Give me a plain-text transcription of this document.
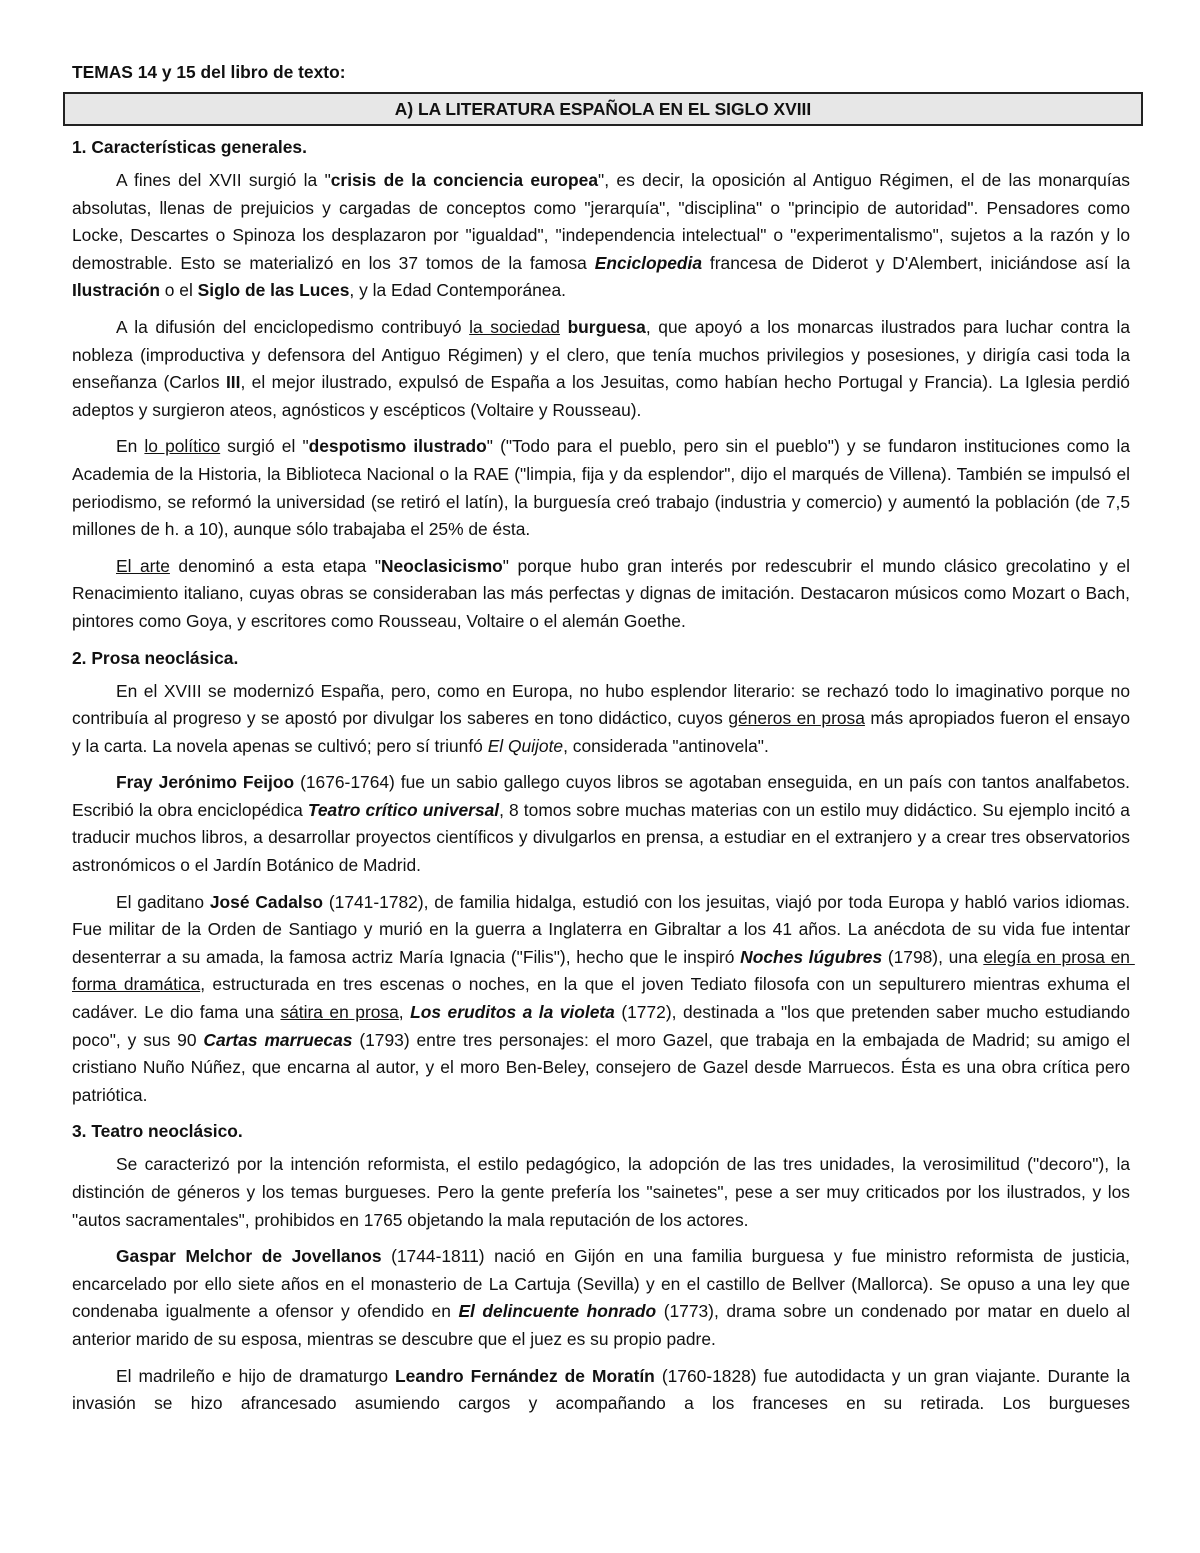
TEMAS 14 y 15 del libro de texto:
A) LA LITERATURA ESPAÑOLA EN EL SIGLO XVIII
1. Características generales.

A fines del XVII surgió la "crisis de la conciencia europea", es decir, la oposición al Antiguo Régimen, el de las monarquías absolutas, llenas de prejuicios y cargadas de conceptos como "jerarquía", "disciplina" o "principio de autoridad". Pensadores como Locke, Descartes o Spinoza los desplazaron por "igualdad", "independencia intelectual" o "experimentalismo", sujetos a la razón y lo demostrable. Esto se materializó en los 37 tomos de la famosa Enciclopedia francesa de Diderot y D'Alembert, iniciándose así la Ilustración o el Siglo de las Luces, y la Edad Contemporánea.

A la difusión del enciclopedismo contribuyó la sociedad burguesa, que apoyó a los monarcas ilustrados para luchar contra la nobleza (improductiva y defensora del Antiguo Régimen) y el clero, que tenía muchos privilegios y posesiones, y dirigía casi toda la enseñanza (Carlos III, el mejor ilustrado, expulsó de España a los Jesuitas, como habían hecho Portugal y Francia). La Iglesia perdió adeptos y surgieron ateos, agnósticos y escépticos (Voltaire y Rousseau).

En lo político surgió el "despotismo ilustrado" ("Todo para el pueblo, pero sin el pueblo") y se fundaron instituciones como la Academia de la Historia, la Biblioteca Nacional o la RAE ("limpia, fija y da esplendor", dijo el marqués de Villena). También se impulsó el periodismo, se reformó la universidad (se retiró el latín), la burguesía creó trabajo (industria y comercio) y aumentó la población (de 7,5 millones de h. a 10), aunque sólo trabajaba el 25% de ésta.

El arte denominó a esta etapa "Neoclasicismo" porque hubo gran interés por redescubrir el mundo clásico grecolatino y el Renacimiento italiano, cuyas obras se consideraban las más perfectas y dignas de imitación. Destacaron músicos como Mozart o Bach, pintores como Goya, y escritores como Rousseau, Voltaire o el alemán Goethe.

2. Prosa neoclásica.

En el XVIII se modernizó España, pero, como en Europa, no hubo esplendor literario: se rechazó todo lo imaginativo porque no contribuía al progreso y se apostó por divulgar los saberes en tono didáctico, cuyos géneros en prosa más apropiados fueron el ensayo y la carta. La novela apenas se cultivó; pero sí triunfó El Quijote, considerada "antinovela".

Fray Jerónimo Feijoo (1676-1764) fue un sabio gallego cuyos libros se agotaban enseguida, en un país con tantos analfabetos. Escribió la obra enciclopédica Teatro crítico universal, 8 tomos sobre muchas materias con un estilo muy didáctico. Su ejemplo incitó a traducir muchos libros, a desarrollar proyectos científicos y divulgarlos en prensa, a estudiar en el extranjero y a crear tres observatorios astronómicos o el Jardín Botánico de Madrid.

El gaditano José Cadalso (1741-1782), de familia hidalga, estudió con los jesuitas, viajó por toda Europa y habló varios idiomas. Fue militar de la Orden de Santiago y murió en la guerra a Inglaterra en Gibraltar a los 41 años. La anécdota de su vida fue intentar desenterrar a su amada, la famosa actriz María Ignacia ("Filis"), hecho que le inspiró Noches lúgubres (1798), una elegía en prosa en forma dramática, estructurada en tres escenas o noches, en la que el joven Tediato filosofa con un sepulturero mientras exhuma el cadáver. Le dio fama una sátira en prosa, Los eruditos a la violeta (1772), destinada a "los que pretenden saber mucho estudiando poco", y sus 90 Cartas marruecas (1793) entre tres personajes: el moro Gazel, que trabaja en la embajada de Madrid; su amigo el cristiano Nuño Núñez, que encarna al autor, y el moro Ben-Beley, consejero de Gazel desde Marruecos. Ésta es una obra crítica pero patriótica.

3. Teatro neoclásico.

Se caracterizó por la intención reformista, el estilo pedagógico, la adopción de las tres unidades, la verosimilitud ("decoro"), la distinción de géneros y los temas burgueses. Pero la gente prefería los "sainetes", pese a ser muy criticados por los ilustrados, y los "autos sacramentales", prohibidos en 1765 objetando la mala reputación de los actores.

Gaspar Melchor de Jovellanos (1744-1811) nació en Gijón en una familia burguesa y fue ministro reformista de justicia, encarcelado por ello siete años en el monasterio de La Cartuja (Sevilla) y en el castillo de Bellver (Mallorca). Se opuso a una ley que condenaba igualmente a ofensor y ofendido en El delincuente honrado (1773), drama sobre un condenado por matar en duelo al anterior marido de su esposa, mientras se descubre que el juez es su propio padre.

El madrileño e hijo de dramaturgo Leandro Fernández de Moratín (1760-1828) fue autodidacta y un gran viajante. Durante la invasión se hizo afrancesado asumiendo cargos y acompañando a los franceses en su retirada. Los burgueses
